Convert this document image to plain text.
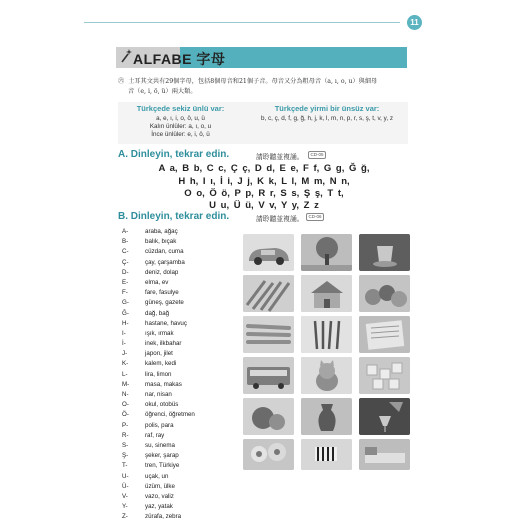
11
ALFABE 字母
㊅ 土耳其文共有29個字母，包括8個母音和21個子音。母音又分為粗母音（a, ı, o, u）與細母
音（e, i, ö, ü）兩大類。
Türkçede sekiz ünlü var:
a, e, ı, i, o, ö, u, ü
Kalın ünlüler: a, ı, o, u
İnce ünlüler: e, i, ö, ü
Türkçede yirmi bir ünsüz var:
b, c, ç, d, f, g, ğ, h, j, k, l, m, n, p, r, s, ş, t, v, y, z
A. Dinleyin, tekrar edin.	請聆聽並複誦。	CD-05
A a, B b, C c, Ç ç, D d, E e, F f, G g, Ğ ğ,
H h, I ı, İ i, J j, K k, L l, M m, N n,
O o, Ö ö, P p, R r, S s, Ş ş, T t,
U u, Ü ü, V v, Y y, Z z
B. Dinleyin, tekrar edin.	請聆聽並複誦。	CD-06
A-	araba, ağaç
B-	balık, bıçak
C-	cüzdan, cuma
Ç-	çay, çarşamba
D-	deniz, dolap
E-	elma, ev
F-	fare, fasulye
G-	güneş, gazete
Ğ-	dağ, bağ
H-	hastane, havuç
I-	ışık, ırmak
İ-	inek, ilkbahar
J-	japon, jilet
K-	kalem, kedi
L-	lira, limon
M-	masa, makas
N-	nar, nisan
O-	okul, otobüs
Ö-	öğrenci, öğretmen
P-	polis, para
R-	raf, ray
S-	su, sinema
Ş-	şeker, şarap
T-	tren, Türkiye
U-	uçak, un
Ü-	üzüm, ülke
V-	vazo, valiz
Y-	yaz, yatak
Z-	zürafa, zebra
